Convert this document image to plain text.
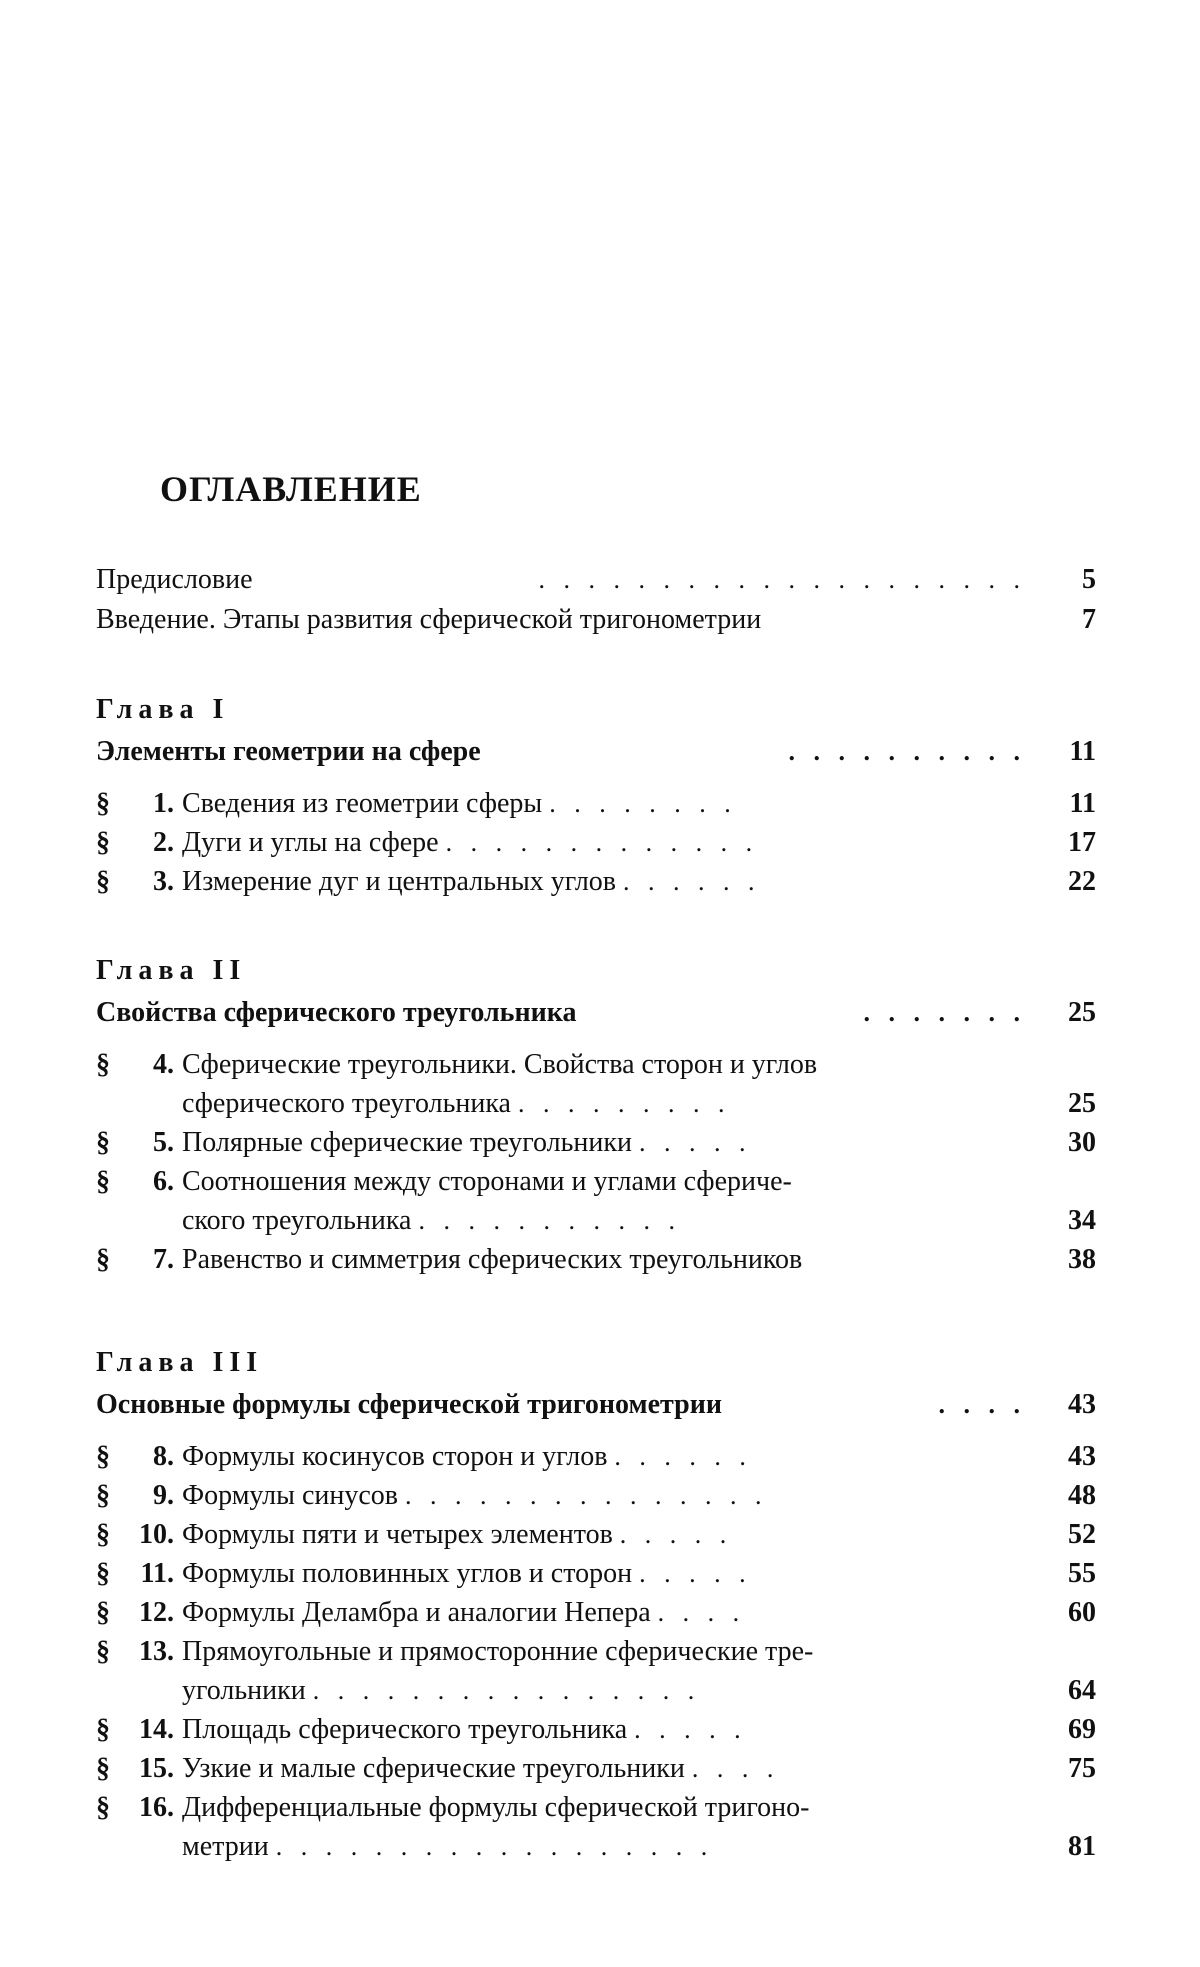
ОГЛАВЛЕНИЕ
Предисловие	. . . . . . . . . . . . . . . . . . . . 5
Введение. Этапы развития сферической тригонометрии	7
Глава I
Элементы геометрии на сфере	. . . . . . . . . . 11
§	1. Сведения из геометрии сферы . . . . . . . .	11
§	2. Дуги и углы на сфере . . . . . . . . . . . . .	17
§	3. Измерение дуг и центральных углов . . . . . .	22
Глава II
Свойства сферического треугольника	. . . . . . . 25
§	4. Сферические треугольники. Свойства сторон и углов
сферического треугольника . . . . . . . . .	25
§	5. Полярные сферические треугольники . . . . .	30
§	6. Соотношения между сторонами и углами сфериче-
ского треугольника . . . . . . . . . . .	34
§	7. Равенство и симметрия сферических треугольников	38
Глава III
Основные формулы сферической тригонометрии	. . . . 43
§	8. Формулы косинусов сторон и углов . . . . . .	43
§	9. Формулы синусов . . . . . . . . . . . . . . .	48
§ 10. Формулы пяти и четырех элементов . . . . .	52
§ 11. Формулы половинных углов и сторон . . . . .	55
§ 12. Формулы Деламбра и аналогии Непера . . . .	60
§ 13. Прямоугольные и прямосторонние сферические тре-
угольники . . . . . . . . . . . . . . . .	64
§ 14. Площадь сферического треугольника . . . . .	69
§ 15. Узкие и малые сферические треугольники . . . .	75
§ 16. Дифференциальные формулы сферической тригоно-
метрии . . . . . . . . . . . . . . . . . .	81
